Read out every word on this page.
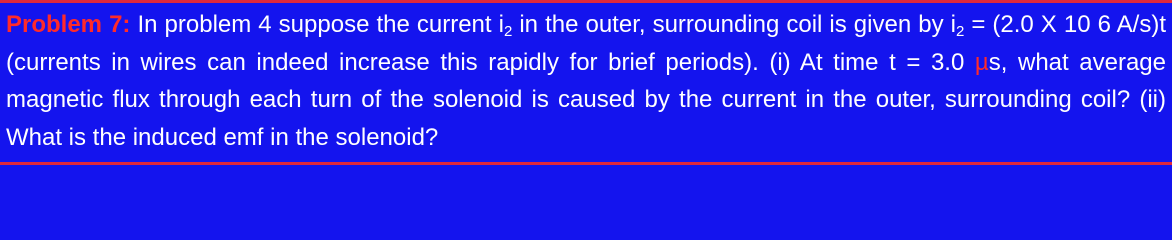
Problem 7: In problem 4 suppose the current $i_2$ in the outer, surrounding coil is given by $i_2 = (2.0$ X 10 6 A/s)t (currents in wires can indeed increase this rapidly for brief periods). (i) At time t = 3.0 µs, what average magnetic flux through each turn of the solenoid is caused by the current in the outer, surrounding coil? (ii) What is the induced emf in the solenoid?
